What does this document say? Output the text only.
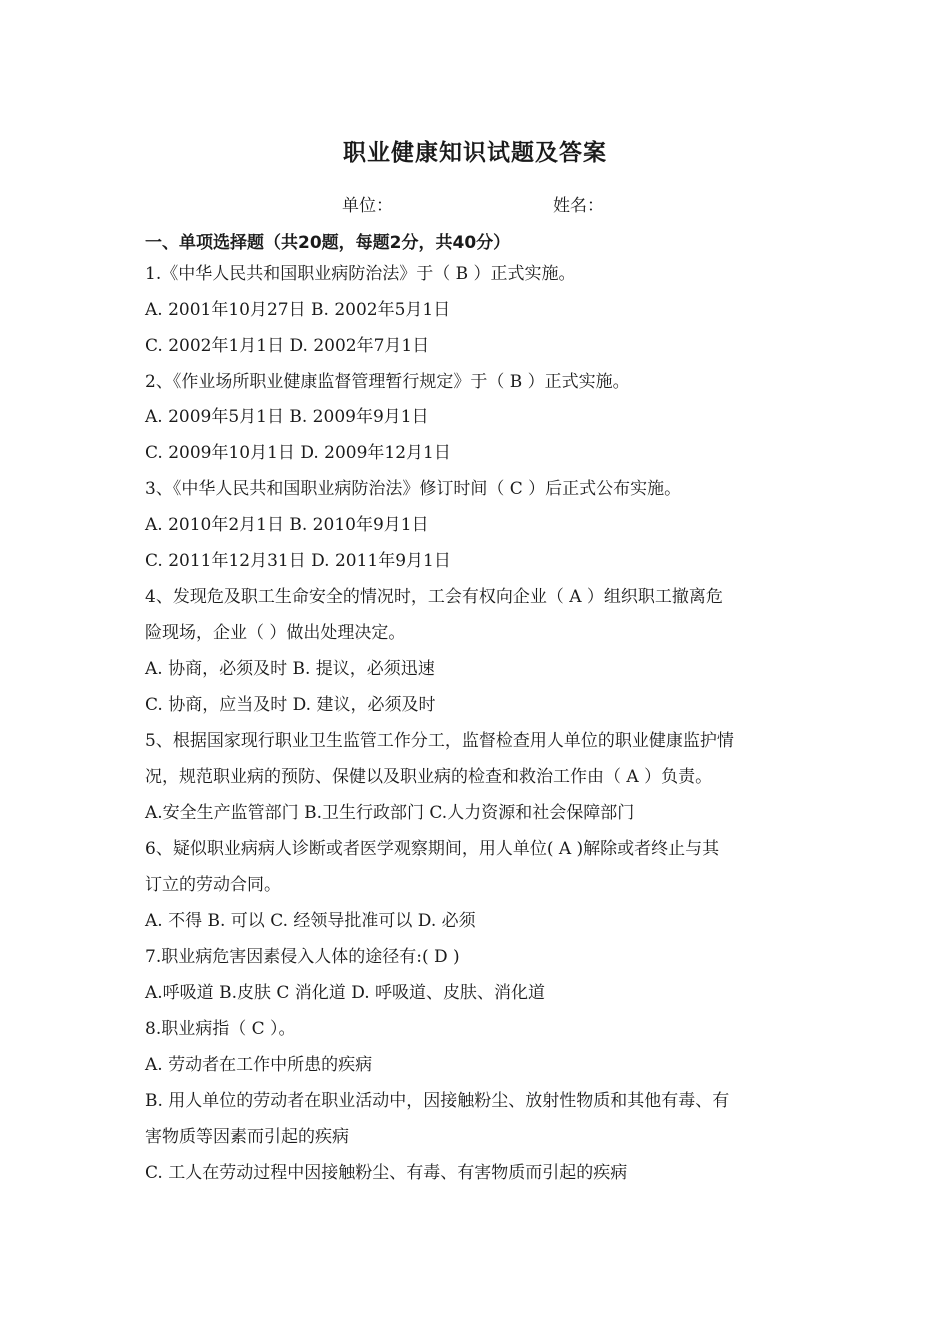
职业健康知识试题及答案
单位：	姓名：
一、单项选择题（共20题，每题2分，共40分）
1.《中华人民共和国职业病防治法》于（ B ）正式实施。
A. 2001年10月27日 B. 2002年5月1日
C. 2002年1月1日 D. 2002年7月1日
2、《作业场所职业健康监督管理暂行规定》于（ B ）正式实施。
A. 2009年5月1日 B. 2009年9月1日
C. 2009年10月1日 D. 2009年12月1日
3、《中华人民共和国职业病防治法》修订时间（ C ）后正式公布实施。
A. 2010年2月1日 B. 2010年9月1日
C. 2011年12月31日 D. 2011年9月1日
4、发现危及职工生命安全的情况时，工会有权向企业（ A ）组织职工撤离危
险现场，企业（ ）做出处理决定。
A. 协商，必须及时 B. 提议，必须迅速
C. 协商，应当及时 D. 建议，必须及时
5、根据国家现行职业卫生监管工作分工，监督检查用人单位的职业健康监护情
况，规范职业病的预防、保健以及职业病的检查和救治工作由（ A ）负责。
A.安全生产监管部门 B.卫生行政部门 C.人力资源和社会保障部门
6、疑似职业病病人诊断或者医学观察期间，用人单位( A )解除或者终止与其
订立的劳动合同。
A. 不得 B. 可以 C. 经领导批准可以 D. 必须
7.职业病危害因素侵入人体的途径有:( D )
A.呼吸道 B.皮肤 C 消化道 D. 呼吸道、皮肤、消化道
8.职业病指（ C ）。
A. 劳动者在工作中所患的疾病
B. 用人单位的劳动者在职业活动中，因接触粉尘、放射性物质和其他有毒、有
害物质等因素而引起的疾病
C. 工人在劳动过程中因接触粉尘、有毒、有害物质而引起的疾病
